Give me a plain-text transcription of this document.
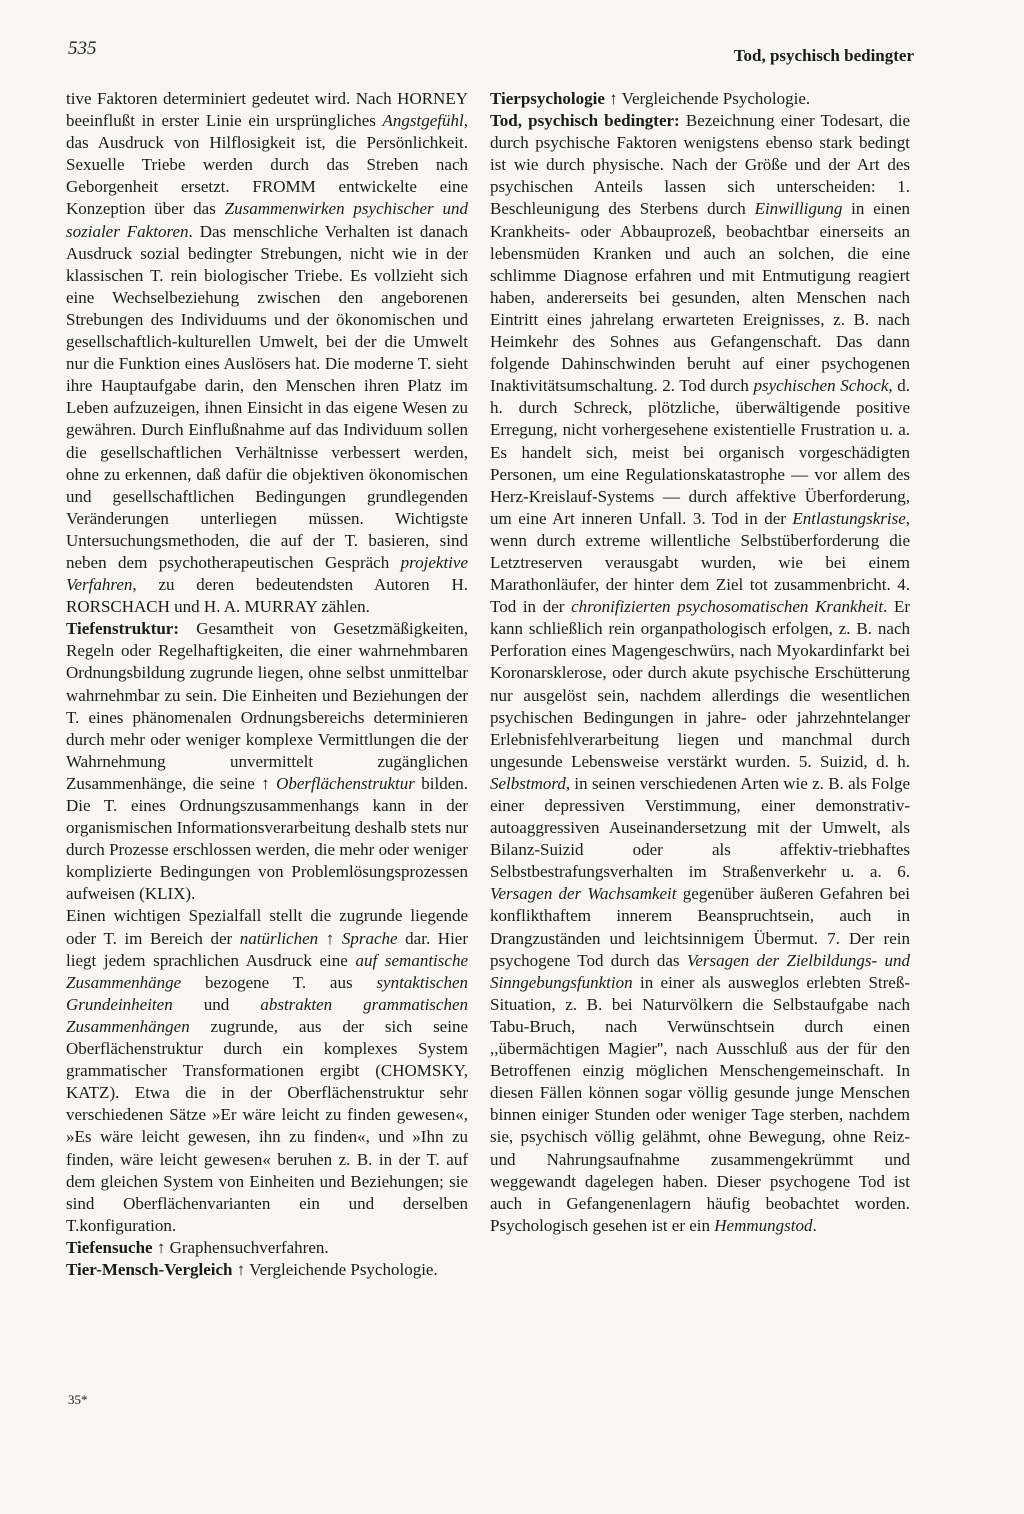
535	Tod, psychisch bedingter

tive Faktoren determiniert gedeutet wird. Nach HORNEY beeinflußt in erster Linie ein ursprüngliches Angstgefühl, das Ausdruck von Hilflosigkeit ist, die Persönlichkeit. Sexuelle Triebe werden durch das Streben nach Geborgenheit ersetzt. FROMM entwickelte eine Konzeption über das Zusammenwirken psychischer und sozialer Faktoren. Das menschliche Verhalten ist danach Ausdruck sozial bedingter Strebungen, nicht wie in der klassischen T. rein biologischer Triebe. Es vollzieht sich eine Wechselbeziehung zwischen den angeborenen Strebungen des Individuums und der ökonomischen und gesellschaftlich-kulturellen Umwelt, bei der die Umwelt nur die Funktion eines Auslösers hat. Die moderne T. sieht ihre Hauptaufgabe darin, den Menschen ihren Platz im Leben aufzuzeigen, ihnen Einsicht in das eigene Wesen zu gewähren. Durch Einflußnahme auf das Individuum sollen die gesellschaftlichen Verhältnisse verbessert werden, ohne zu erkennen, daß dafür die objektiven ökonomischen und gesellschaftlichen Bedingungen grundlegenden Veränderungen unterliegen müssen. Wichtigste Untersuchungsmethoden, die auf der T. basieren, sind neben dem psychotherapeutischen Gespräch projektive Verfahren, zu deren bedeutendsten Autoren H. RORSCHACH und H. A. MURRAY zählen.

Tiefenstruktur: Gesamtheit von Gesetzmäßigkeiten, Regeln oder Regelhaftigkeiten, die einer wahrnehmbaren Ordnungsbildung zugrunde liegen, ohne selbst unmittelbar wahrnehmbar zu sein. Die Einheiten und Beziehungen der T. eines phänomenalen Ordnungsbereichs determinieren durch mehr oder weniger komplexe Vermittlungen die der Wahrnehmung unvermittelt zugänglichen Zusammenhänge, die seine ↑ Oberflächenstruktur bilden. Die T. eines Ordnungszusammenhangs kann in der organismischen Informationsverarbeitung deshalb stets nur durch Prozesse erschlossen werden, die mehr oder weniger komplizierte Bedingungen von Problemlösungsprozessen aufweisen (KLIX).

Einen wichtigen Spezialfall stellt die zugrunde liegende oder T. im Bereich der natürlichen ↑ Sprache dar. Hier liegt jedem sprachlichen Ausdruck eine auf semantische Zusammenhänge bezogene T. aus syntaktischen Grundeinheiten und abstrakten grammatischen Zusammenhängen zugrunde, aus der sich seine Oberflächenstruktur durch ein komplexes System grammatischer Transformationen ergibt (CHOMSKY, KATZ). Etwa die in der Oberflächenstruktur sehr verschiedenen Sätze »Er wäre leicht zu finden gewesen«, »Es wäre leicht gewesen, ihn zu finden«, und »Ihn zu finden, wäre leicht gewesen« beruhen z. B. in der T. auf dem gleichen System von Einheiten und Beziehungen; sie sind Oberflächenvarianten ein und derselben T.konfiguration.

Tiefensuche ↑ Graphensuchverfahren.

Tier-Mensch-Vergleich ↑ Vergleichende Psychologie.

Tierpsychologie ↑ Vergleichende Psychologie.

Tod, psychisch bedingter: Bezeichnung einer Todesart, die durch psychische Faktoren wenigstens ebenso stark bedingt ist wie durch physische. Nach der Größe und der Art des psychischen Anteils lassen sich unterscheiden: 1. Beschleunigung des Sterbens durch Einwilligung in einen Krankheits- oder Abbauprozeß, beobachtbar einerseits an lebensmüden Kranken und auch an solchen, die eine schlimme Diagnose erfahren und mit Entmutigung reagiert haben, andererseits bei gesunden, alten Menschen nach Eintritt eines jahrelang erwarteten Ereignisses, z. B. nach Heimkehr des Sohnes aus Gefangenschaft. Das dann folgende Dahinschwinden beruht auf einer psychogenen Inaktivitätsumschaltung. 2. Tod durch psychischen Schock, d. h. durch Schreck, plötzliche, überwältigende positive Erregung, nicht vorhergesehene existentielle Frustration u. a. Es handelt sich, meist bei organisch vorgeschädigten Personen, um eine Regulationskatastrophe — vor allem des Herz-Kreislauf-Systems — durch affektive Überforderung, um eine Art inneren Unfall. 3. Tod in der Entlastungskrise, wenn durch extreme willentliche Selbstüberforderung die Letztreserven verausgabt wurden, wie bei einem Marathonläufer, der hinter dem Ziel tot zusammenbricht. 4. Tod in der chronifizierten psychosomatischen Krankheit. Er kann schließlich rein organpathologisch erfolgen, z. B. nach Perforation eines Magengeschwürs, nach Myokardinfarkt bei Koronarsklerose, oder durch akute psychische Erschütterung nur ausgelöst sein, nachdem allerdings die wesentlichen psychischen Bedingungen in jahre- oder jahrzehntelanger Erlebnisfehlverarbeitung liegen und manchmal durch ungesunde Lebensweise verstärkt wurden. 5. Suizid, d. h. Selbstmord, in seinen verschiedenen Arten wie z. B. als Folge einer depressiven Verstimmung, einer demonstrativ-autoaggressiven Auseinandersetzung mit der Umwelt, als Bilanz-Suizid oder als affektiv-triebhaftes Selbstbestrafungsverhalten im Straßenverkehr u. a. 6. Versagen der Wachsamkeit gegenüber äußeren Gefahren bei konflikthaftem innerem Beanspruchtsein, auch in Drangzuständen und leichtsinnigem Übermut. 7. Der rein psychogene Tod durch das Versagen der Zielbildungs- und Sinngebungsfunktion in einer als ausweglos erlebten Streß-Situation, z. B. bei Naturvölkern die Selbstaufgabe nach Tabu-Bruch, nach Verwünschtsein durch einen ,,übermächtigen Magier'', nach Ausschluß aus der für den Betroffenen einzig möglichen Menschengemeinschaft. In diesen Fällen können sogar völlig gesunde junge Menschen binnen einiger Stunden oder weniger Tage sterben, nachdem sie, psychisch völlig gelähmt, ohne Bewegung, ohne Reiz- und Nahrungsaufnahme zusammengekrümmt und weggewandt dagelegen haben. Dieser psychogene Tod ist auch in Gefangenenlagern häufig beobachtet worden. Psychologisch gesehen ist er ein Hemmungstod.

35*
